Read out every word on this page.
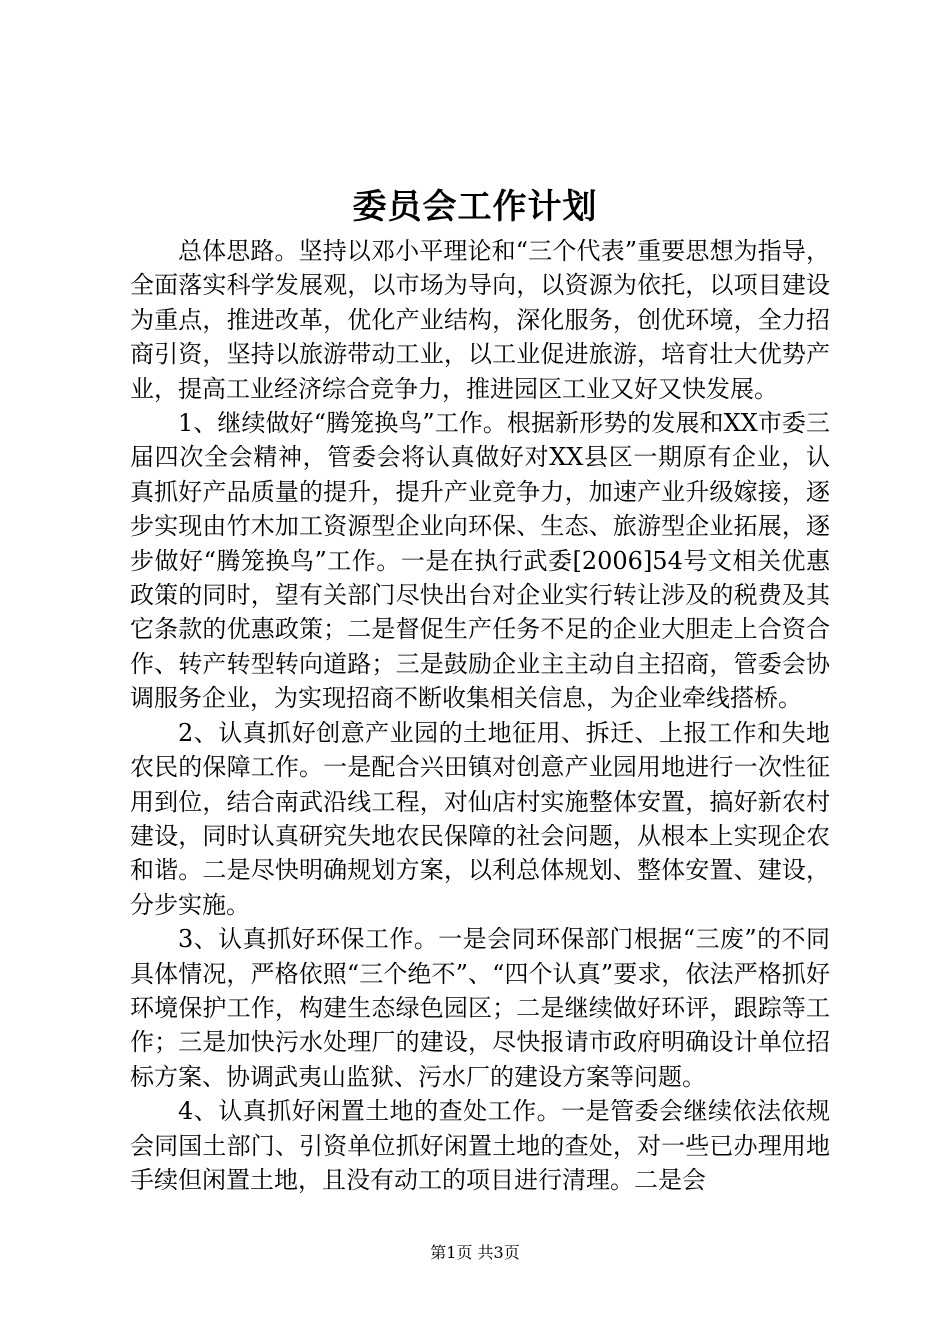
委员会工作计划

总体思路。坚持以邓小平理论和“三个代表”重要思想为指导，全面落实科学发展观，以市场为导向，以资源为依托，以项目建设为重点，推进改革，优化产业结构，深化服务，创优环境，全力招商引资，坚持以旅游带动工业，以工业促进旅游，培育壮大优势产业，提高工业经济综合竞争力，推进园区工业又好又快发展。

1、继续做好“腾笼换鸟”工作。根据新形势的发展和XX市委三届四次全会精神，管委会将认真做好对XX县区一期原有企业，认真抓好产品质量的提升，提升产业竞争力，加速产业升级嫁接，逐步实现由竹木加工资源型企业向环保、生态、旅游型企业拓展，逐步做好“腾笼换鸟”工作。一是在执行武委[2006]54号文相关优惠政策的同时，望有关部门尽快出台对企业实行转让涉及的税费及其它条款的优惠政策；二是督促生产任务不足的企业大胆走上合资合作、转产转型转向道路；三是鼓励企业主主动自主招商，管委会协调服务企业，为实现招商不断收集相关信息，为企业牵线搭桥。

2、认真抓好创意产业园的土地征用、拆迁、上报工作和失地农民的保障工作。一是配合兴田镇对创意产业园用地进行一次性征用到位，结合南武沿线工程，对仙店村实施整体安置，搞好新农村建设，同时认真研究失地农民保障的社会问题，从根本上实现企农和谐。二是尽快明确规划方案，以利总体规划、整体安置、建设，分步实施。

3、认真抓好环保工作。一是会同环保部门根据“三废”的不同具体情况，严格依照“三个绝不”、“四个认真”要求，依法严格抓好环境保护工作，构建生态绿色园区；二是继续做好环评，跟踪等工作；三是加快污水处理厂的建设，尽快报请市政府明确设计单位招标方案、协调武夷山监狱、污水厂的建设方案等问题。

4、认真抓好闲置土地的查处工作。一是管委会继续依法依规会同国土部门、引资单位抓好闲置土地的查处，对一些已办理用地手续但闲置土地，且没有动工的项目进行清理。二是会

第1页 共3页
